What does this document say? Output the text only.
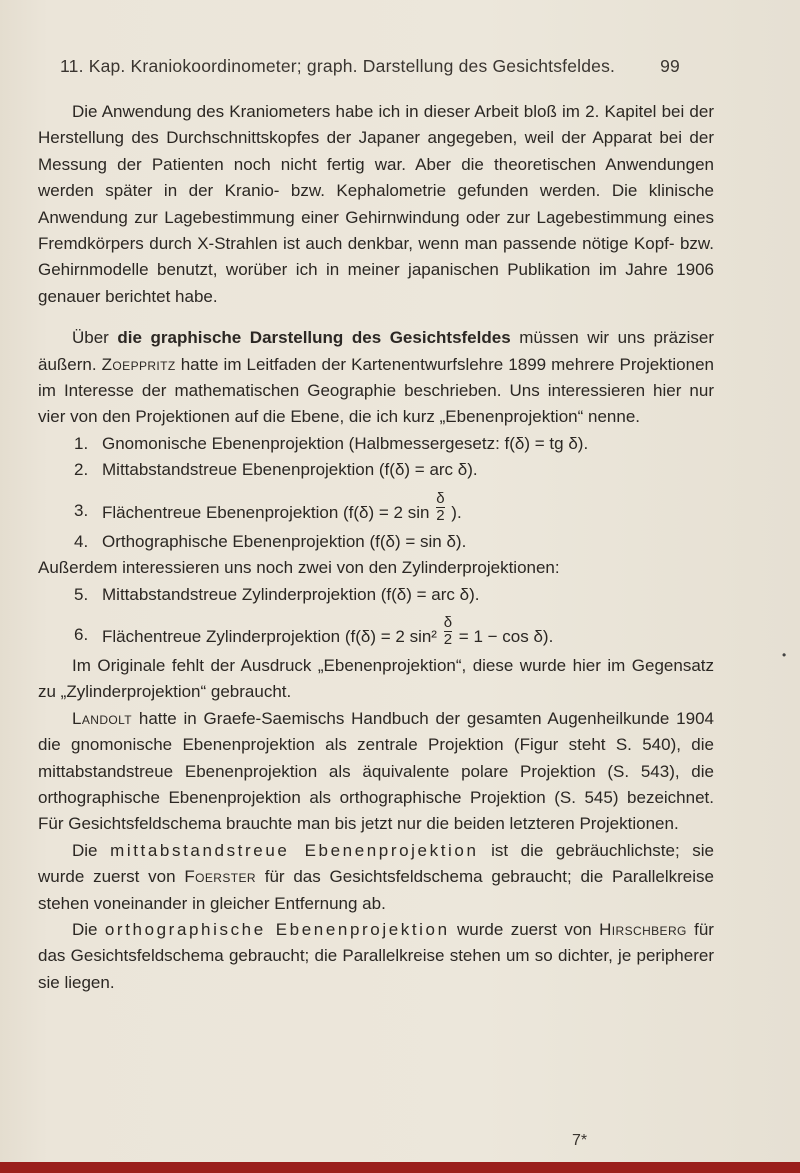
11. Kap. Kraniokoordinometer; graph. Darstellung des Gesichtsfeldes.	99

Die Anwendung des Kraniometers habe ich in dieser Arbeit bloß im 2. Kapitel bei der Herstellung des Durchschnittskopfes der Japaner angegeben, weil der Apparat bei der Messung der Patienten noch nicht fertig war. Aber die theoretischen Anwendungen werden später in der Kranio- bzw. Kephalometrie gefunden werden. Die klinische Anwendung zur Lagebestimmung einer Gehirnwindung oder zur Lagebestimmung eines Fremdkörpers durch X-Strahlen ist auch denkbar, wenn man passende nötige Kopf- bzw. Gehirnmodelle benutzt, worüber ich in meiner japanischen Publikation im Jahre 1906 genauer berichtet habe.

Über die graphische Darstellung des Gesichtsfeldes müssen wir uns präziser äußern. Zoeppritz hatte im Leitfaden der Kartenentwurfslehre 1899 mehrere Projektionen im Interesse der mathematischen Geographie beschrieben. Uns interessieren hier nur vier von den Projektionen auf die Ebene, die ich kurz „Ebenenprojektion“ nenne.

1. Gnomonische Ebenenprojektion (Halbmessergesetz: f(δ) = tg δ).
2. Mittabstandstreue Ebenenprojektion (f(δ) = arc δ).
3. Flächentreue Ebenenprojektion (f(δ) = 2 $\sin \frac{\delta}{2}$ ).
4. Orthographische Ebenenprojektion (f(δ) = sin δ).

Außerdem interessieren uns noch zwei von den Zylinderprojektionen:

5. Mittabstandstreue Zylinderprojektion (f(δ) = arc δ).
6. Flächentreue Zylinderprojektion (f(δ) = 2 $\sin^2 \frac{\delta}{2} = 1 - \cos \delta$).

Im Originale fehlt der Ausdruck „Ebenenprojektion“, diese wurde hier im Gegensatz zu „Zylinderprojektion“ gebraucht.

Landolt hatte in Graefe-Saemischs Handbuch der gesamten Augenheilkunde 1904 die gnomonische Ebenenprojektion als zentrale Projektion (Figur steht S. 540), die mittabstandstreue Ebenenprojektion als äquivalente polare Projektion (S. 543), die orthographische Ebenenprojektion als orthographische Projektion (S. 545) bezeichnet. Für Gesichtsfeldschema brauchte man bis jetzt nur die beiden letzteren Projektionen.

Die mittabstandstreue Ebenenprojektion ist die gebräuchlichste; sie wurde zuerst von Foerster für das Gesichtsfeldschema gebraucht; die Parallelkreise stehen voneinander in gleicher Entfernung ab.

Die orthographische Ebenenprojektion wurde zuerst von Hirschberg für das Gesichtsfeldschema gebraucht; die Parallelkreise stehen um so dichter, je peripherer sie liegen.

•
7*
